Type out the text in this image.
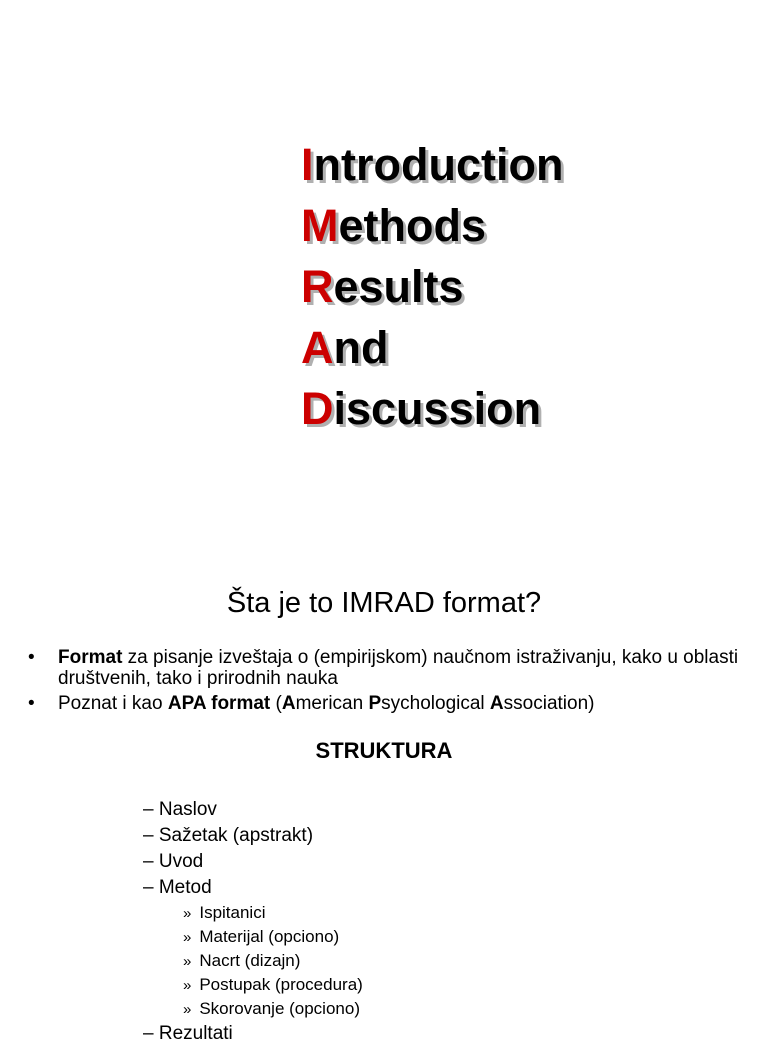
Introduction
Methods
Results
And
Discussion
Šta je to IMRAD format?
• Format za pisanje izveštaja o (empirijskom) naučnom istraživanju, kako u oblasti društvenih, tako i prirodnih nauka
• Poznat i kao APA format (American Psychological Association)
STRUKTURA
– Naslov
– Sažetak (apstrakt)
– Uvod
– Metod
» Ispitanici
» Materijal (opciono)
» Nacrt (dizajn)
» Postupak (procedura)
» Skorovanje (opciono)
– Rezultati
